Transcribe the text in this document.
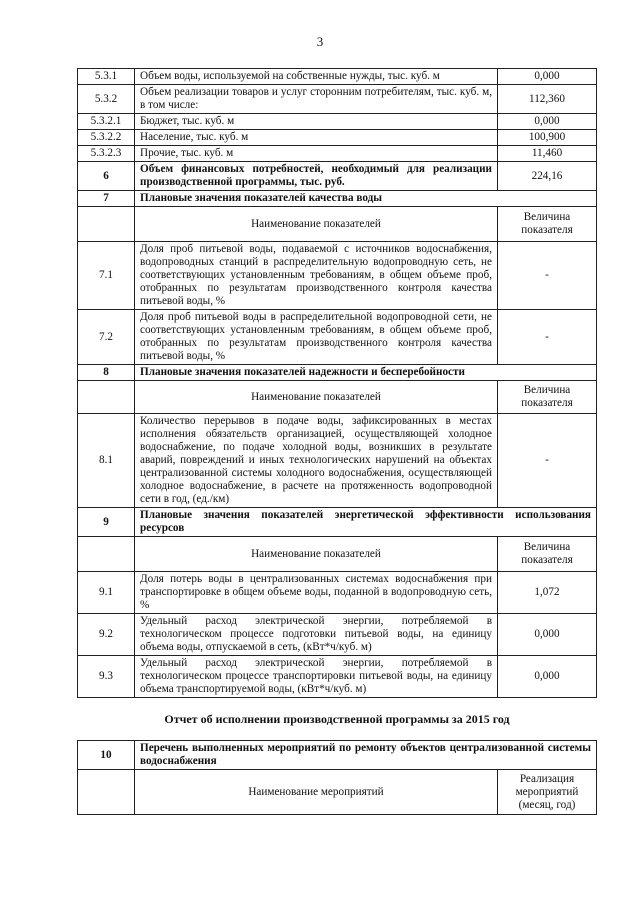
3
5.3.1	Объем воды, используемой на собственные нужды, тыс. куб. м	0,000
5.3.2	Объем реализации товаров и услуг сторонним потребителям, тыс. куб. м, в том числе:	112,360
5.3.2.1	Бюджет, тыс. куб. м	0,000
5.3.2.2	Население, тыс. куб. м	100,900
5.3.2.3	Прочие, тыс. куб. м	11,460
6	Объем финансовых потребностей, необходимый для реализации производственной программы, тыс. руб.	224,16
7	Плановые значения показателей качества воды	
	Наименование показателей	Величина показателя
7.1	Доля проб питьевой воды, подаваемой с источников водоснабжения, водопроводных станций в распределительную водопроводную сеть, не соответствующих установленным требованиям, в общем объеме проб, отобранных по результатам производственного контроля качества питьевой воды, %	-
7.2	Доля проб питьевой воды в распределительной водопроводной сети, не соответствующих установленным требованиям, в общем объеме проб, отобранных по результатам производственного контроля качества питьевой воды, %	-
8	Плановые значения показателей надежности и бесперебойности	
	Наименование показателей	Величина показателя
8.1	Количество перерывов в подаче воды, зафиксированных в местах исполнения обязательств организацией, осуществляющей холодное водоснабжение, по подаче холодной воды, возникших в результате аварий, повреждений и иных технологических нарушений на объектах централизованной системы холодного водоснабжения, осуществляющей холодное водоснабжение, в расчете на протяженность водопроводной сети в год, (ед./км)	-
9	Плановые значения показателей энергетической эффективности использования ресурсов	
	Наименование показателей	Величина показателя
9.1	Доля потерь воды в централизованных системах водоснабжения при транспортировке в общем объеме воды, поданной в водопроводную сеть, %	1,072
9.2	Удельный расход электрической энергии, потребляемой в технологическом процессе подготовки питьевой воды, на единицу объема воды, отпускаемой в сеть, (кВт*ч/куб. м)	0,000
9.3	Удельный расход электрической энергии, потребляемой в технологическом процессе транспортировки питьевой воды, на единицу объема транспортируемой воды, (кВт*ч/куб. м)	0,000
Отчет об исполнении производственной программы за 2015 год		
10	Перечень выполненных мероприятий по ремонту объектов централизованной системы водоснабжения	
	Наименование мероприятий	Реализация мероприятий (месяц, год)
